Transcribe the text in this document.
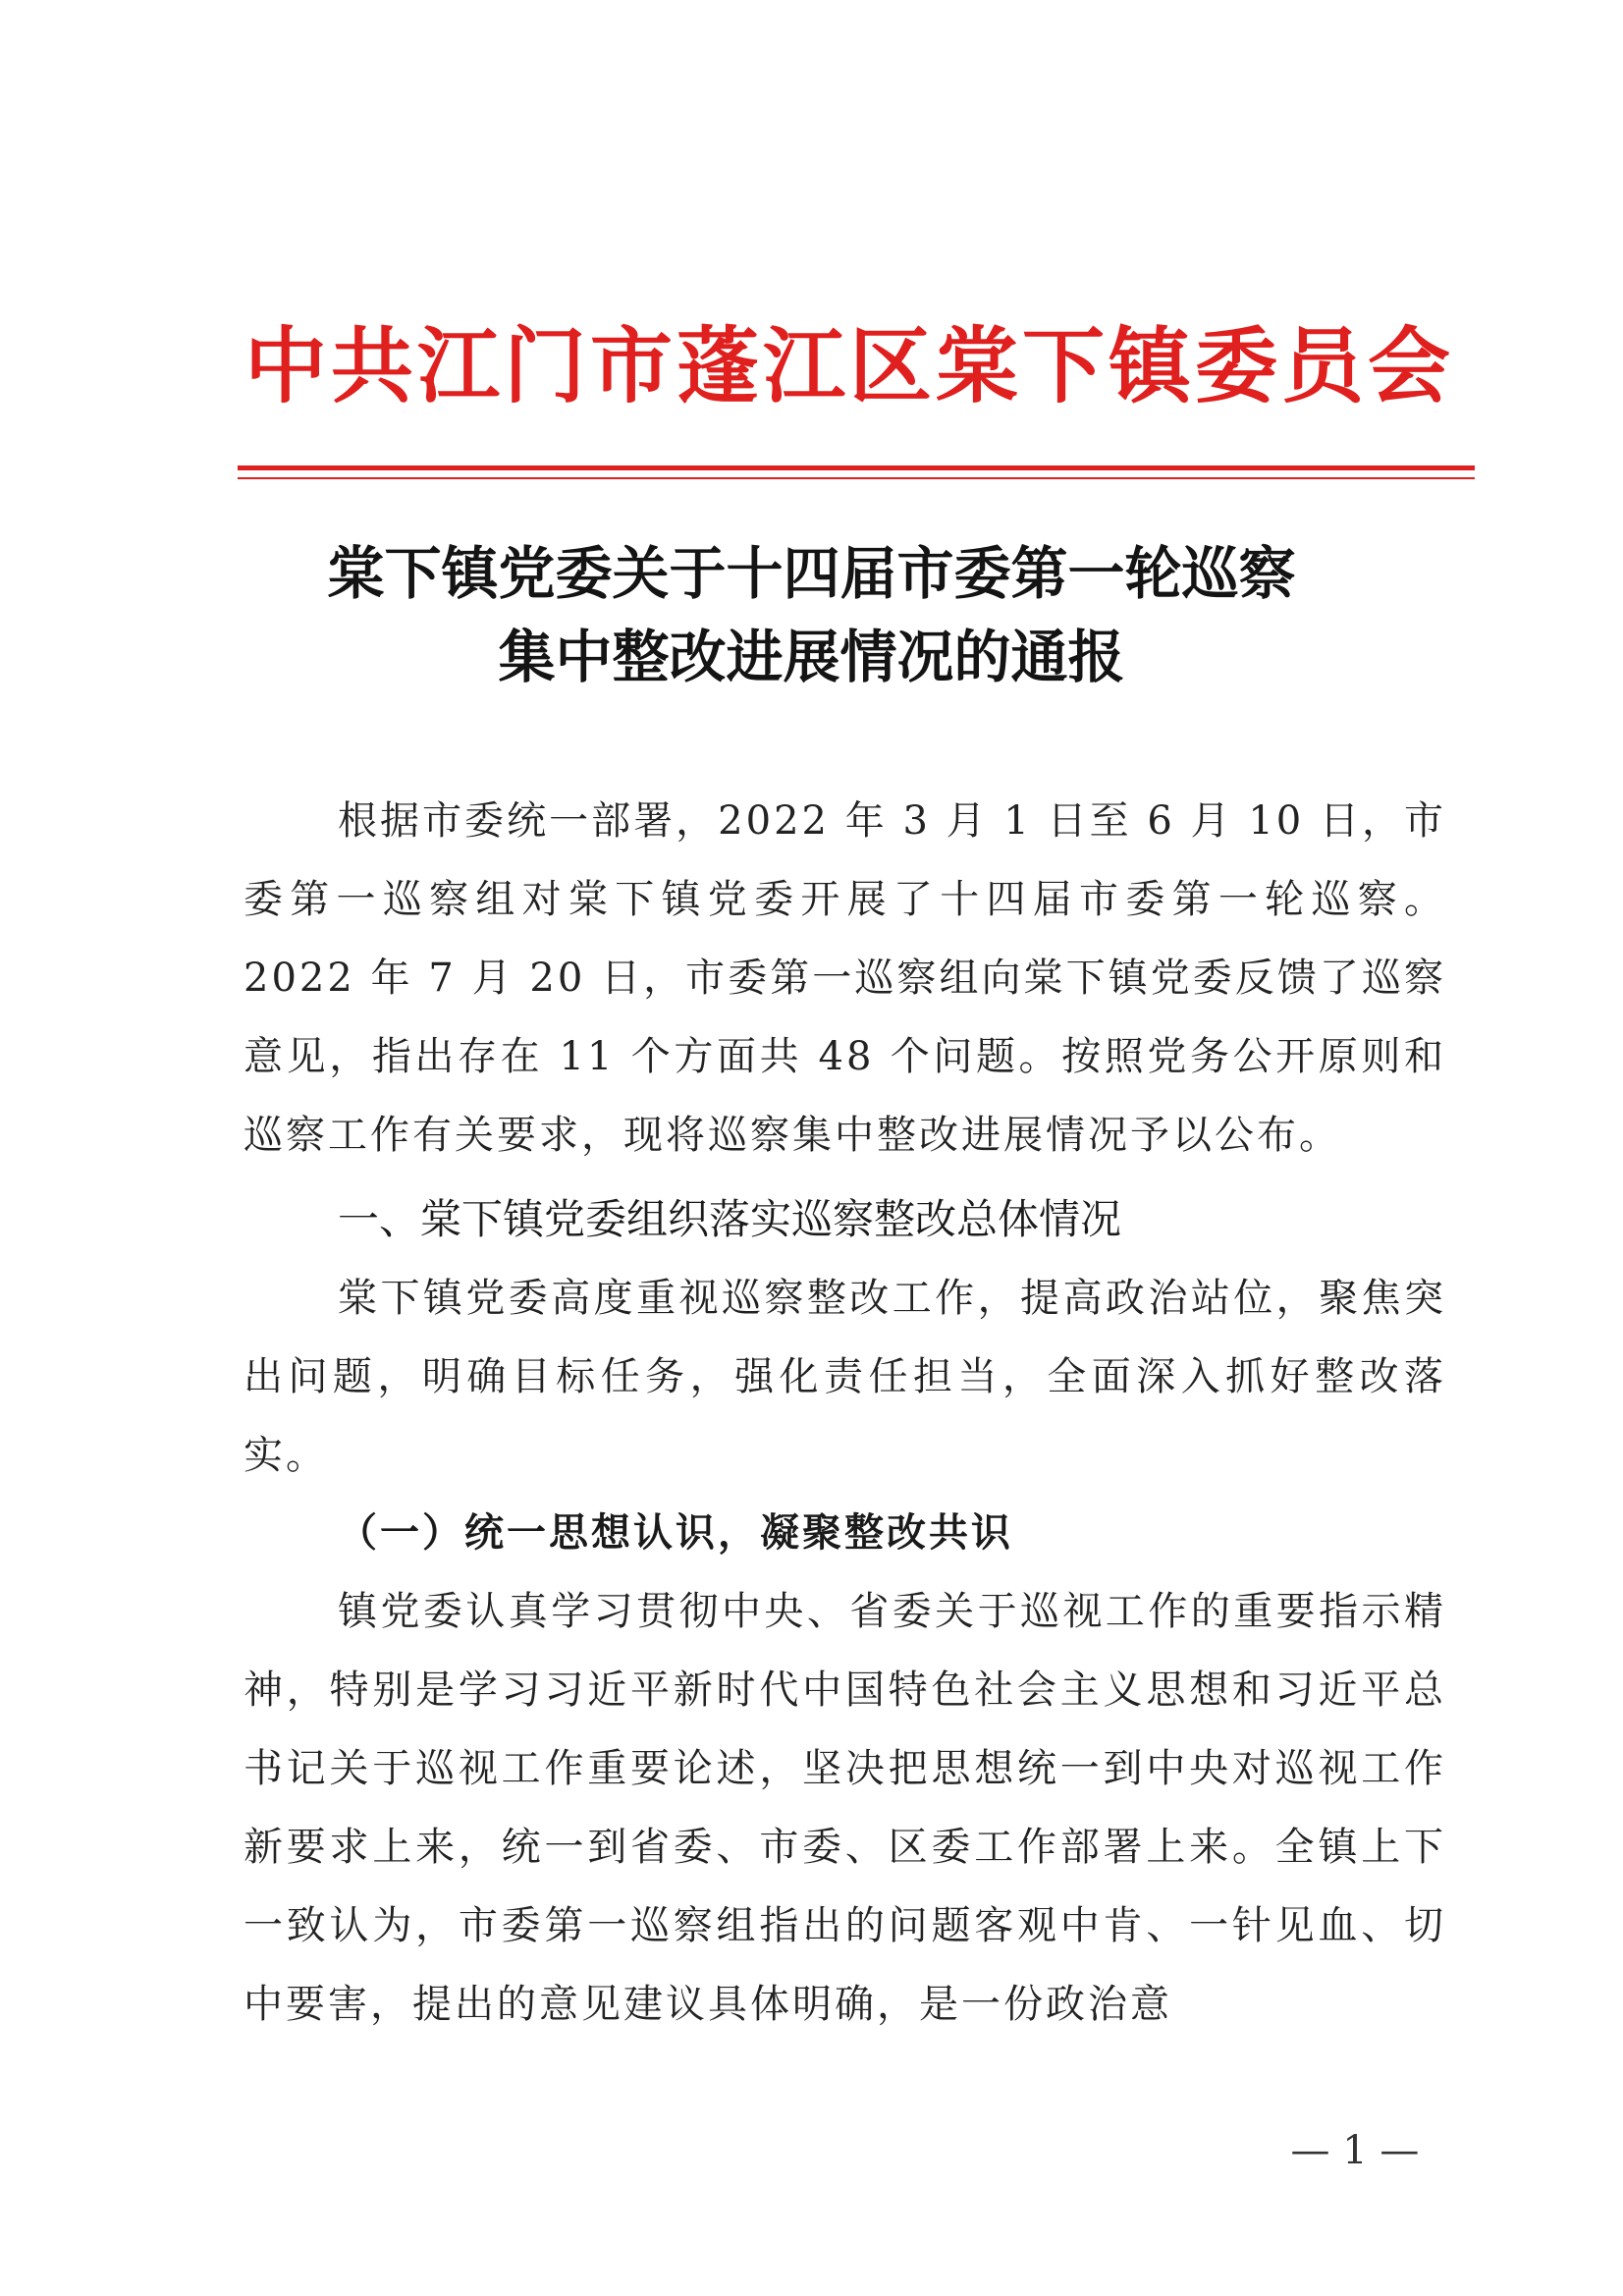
中共江门市蓬江区棠下镇委员会
棠下镇党委关于十四届市委第一轮巡察
集中整改进展情况的通报
根据市委统一部署，2022 年 3 月 1 日至 6 月 10 日，市委第一巡察组对棠下镇党委开展了十四届市委第一轮巡察。2022 年 7 月 20 日，市委第一巡察组向棠下镇党委反馈了巡察意见，指出存在 11 个方面共 48 个问题。按照党务公开原则和巡察工作有关要求，现将巡察集中整改进展情况予以公布。
一、棠下镇党委组织落实巡察整改总体情况
棠下镇党委高度重视巡察整改工作，提高政治站位，聚焦突出问题，明确目标任务，强化责任担当，全面深入抓好整改落实。
（一）统一思想认识，凝聚整改共识
镇党委认真学习贯彻中央、省委关于巡视工作的重要指示精神，特别是学习习近平新时代中国特色社会主义思想和习近平总书记关于巡视工作重要论述，坚决把思想统一到中央对巡视工作新要求上来，统一到省委、市委、区委工作部署上来。全镇上下一致认为，市委第一巡察组指出的问题客观中肯、一针见血、切中要害，提出的意见建议具体明确，是一份政治意
— 1 —
